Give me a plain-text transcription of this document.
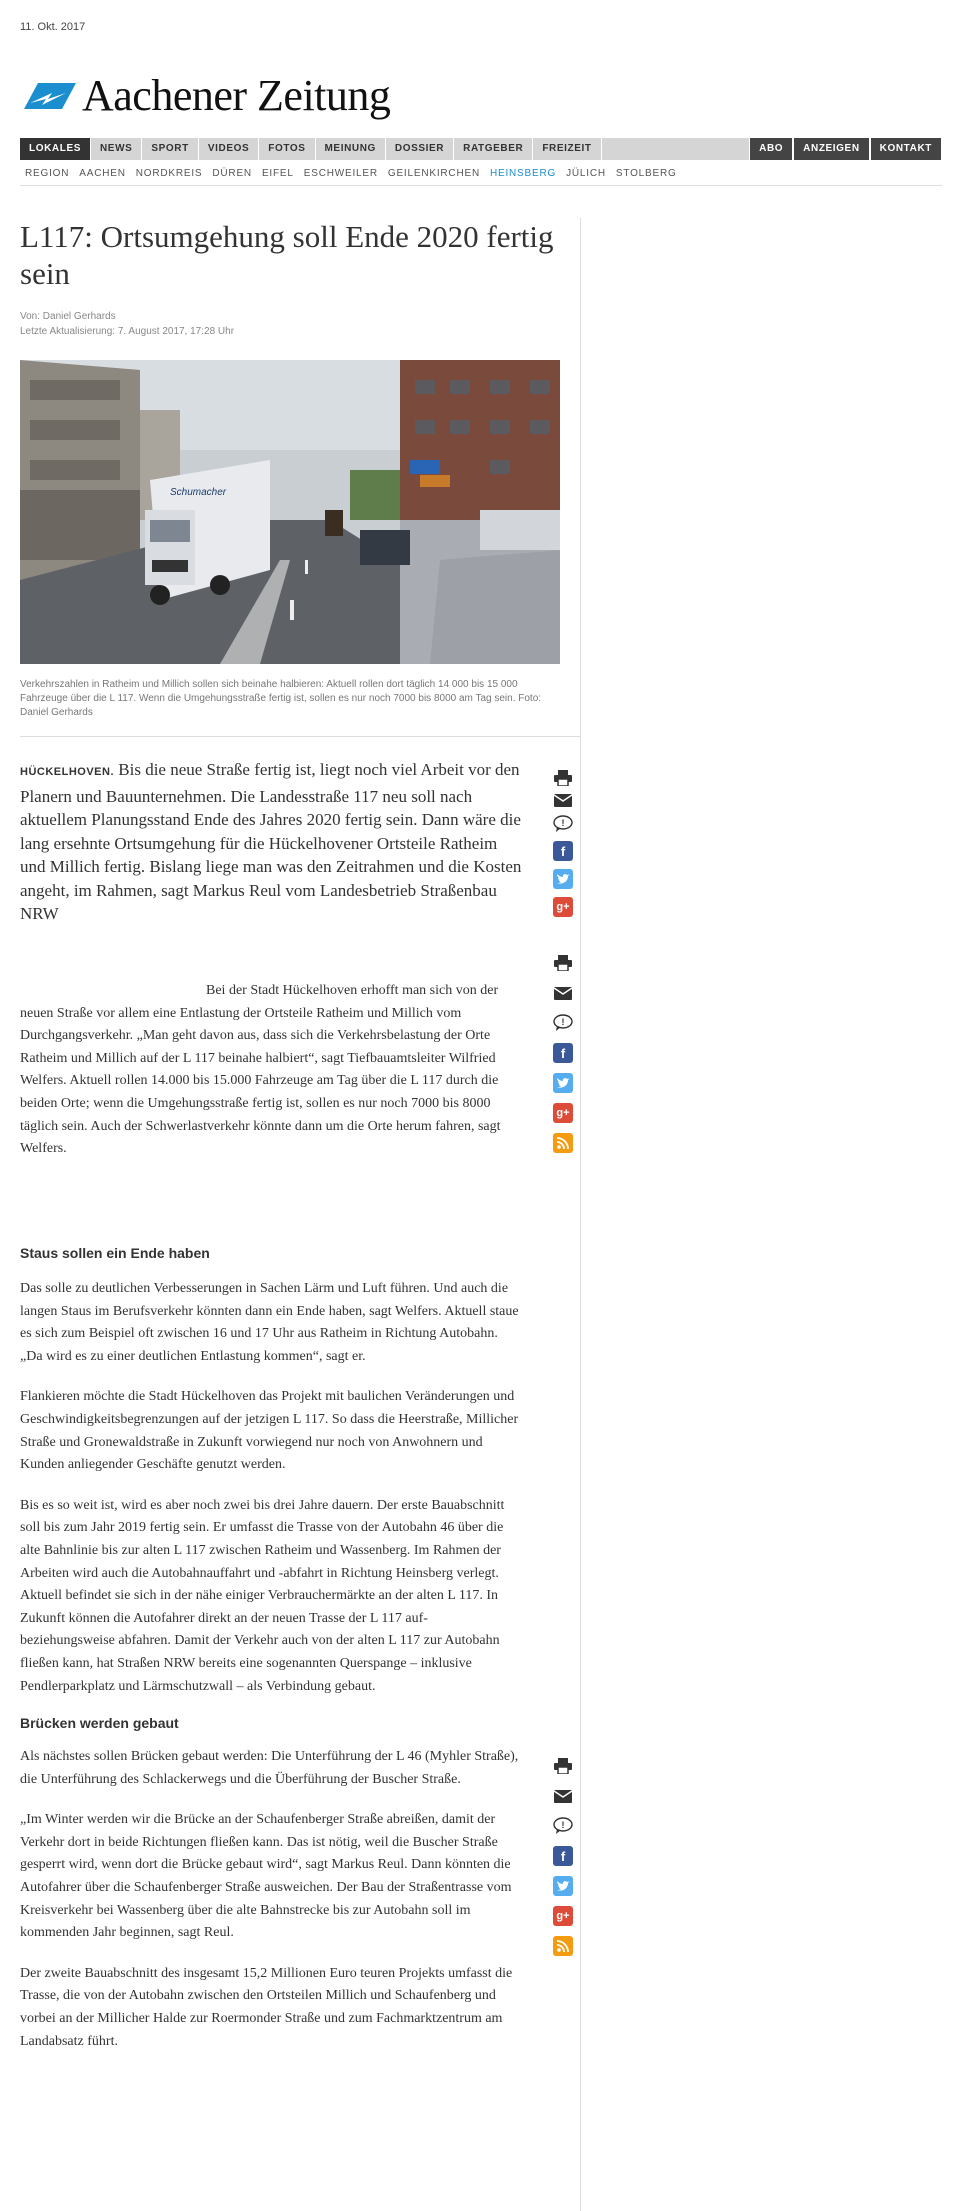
11. Okt. 2017
Aachener Zeitung
LOKALES	NEWS	SPORT	VIDEOS	FOTOS	MEINUNG	DOSSIER	RATGEBER	FREIZEIT	ABO	ANZEIGEN	KONTAKT
REGION	AACHEN	NORDKREIS	DÜREN	EIFEL	ESCHWEILER	GEILENKIRCHEN	HEINSBERG	JÜLICH	STOLBERG
L117: Ortsumgehung soll Ende 2020 fertig sein
Von: Daniel Gerhards
Letzte Aktualisierung: 7. August 2017, 17:28 Uhr
Schumacher
Verkehrszahlen in Ratheim und Millich sollen sich beinahe halbieren: Aktuell rollen dort täglich 14 000 bis 15 000 Fahrzeuge über die L 117. Wenn die Umgehungsstraße fertig ist, sollen es nur noch 7000 bis 8000 am Tag sein. Foto: Daniel Gerhards
HÜCKELHOVEN. Bis die neue Straße fertig ist, liegt noch viel Arbeit vor den Planern und Bauunternehmen. Die Landesstraße 117 neu soll nach aktuellem Planungsstand Ende des Jahres 2020 fertig sein. Dann wäre die lang ersehnte Ortsumgehung für die Hückelhovener Ortsteile Ratheim und Millich fertig. Bislang liege man was den Zeitrahmen und die Kosten angeht, im Rahmen, sagt Markus Reul vom Landesbetrieb Straßenbau NRW

Bei der Stadt Hückelhoven erhofft man sich von der neuen Straße vor allem eine Entlastung der Ortsteile Ratheim und Millich vom Durchgangsverkehr. „Man geht davon aus, dass sich die Verkehrsbelastung der Orte Ratheim und Millich auf der L 117 beinahe halbiert“, sagt Tiefbauamtsleiter Wilfried Welfers. Aktuell rollen 14.000 bis 15.000 Fahrzeuge am Tag über die L 117 durch die beiden Orte; wenn die Umgehungsstraße fertig ist, sollen es nur noch 7000 bis 8000 täglich sein. Auch der Schwerlastverkehr könnte dann um die Orte herum fahren, sagt Welfers.

Staus sollen ein Ende haben

Das solle zu deutlichen Verbesserungen in Sachen Lärm und Luft führen. Und auch die langen Staus im Berufsverkehr könnten dann ein Ende haben, sagt Welfers. Aktuell staue es sich zum Beispiel oft zwischen 16 und 17 Uhr aus Ratheim in Richtung Autobahn. „Da wird es zu einer deutlichen Entlastung kommen“, sagt er.

Flankieren möchte die Stadt Hückelhoven das Projekt mit baulichen Veränderungen und Geschwindigkeitsbegrenzungen auf der jetzigen L 117. So dass die Heerstraße, Millicher Straße und Gronewaldstraße in Zukunft vorwiegend nur noch von Anwohnern und Kunden anliegender Geschäfte genutzt werden.

Bis es so weit ist, wird es aber noch zwei bis drei Jahre dauern. Der erste Bauabschnitt soll bis zum Jahr 2019 fertig sein. Er umfasst die Trasse von der Autobahn 46 über die alte Bahnlinie bis zur alten L 117 zwischen Ratheim und Wassenberg. Im Rahmen der Arbeiten wird auch die Autobahnauffahrt und -abfahrt in Richtung Heinsberg verlegt. Aktuell befindet sie sich in der nähe einiger Verbrauchermärkte an der alten L 117. In Zukunft können die Autofahrer direkt an der neuen Trasse der L 117 auf- beziehungsweise abfahren. Damit der Verkehr auch von der alten L 117 zur Autobahn fließen kann, hat Straßen NRW bereits eine sogenannten Querspange – inklusive Pendlerparkplatz und Lärmschutzwall – als Verbindung gebaut.

Brücken werden gebaut

Als nächstes sollen Brücken gebaut werden: Die Unterführung der L 46 (Myhler Straße), die Unterführung des Schlackerwegs und die Überführung der Buscher Straße.

„Im Winter werden wir die Brücke an der Schaufenberger Straße abreißen, damit der Verkehr dort in beide Richtungen fließen kann. Das ist nötig, weil die Buscher Straße gesperrt wird, wenn dort die Brücke gebaut wird“, sagt Markus Reul. Dann könnten die Autofahrer über die Schaufenberger Straße ausweichen. Der Bau der Straßentrasse vom Kreisverkehr bei Wassenberg über die alte Bahnstrecke bis zur Autobahn soll im kommenden Jahr beginnen, sagt Reul.

Der zweite Bauabschnitt des insgesamt 15,2 Millionen Euro teuren Projekts umfasst die Trasse, die von der Autobahn zwischen den Ortsteilen Millich und Schaufenberg und vorbei an der Millicher Halde zur Roermonder Straße und zum Fachmarktzentrum am Landabsatz führt.

!
f
g+
!
f
g+
!
f
g+
